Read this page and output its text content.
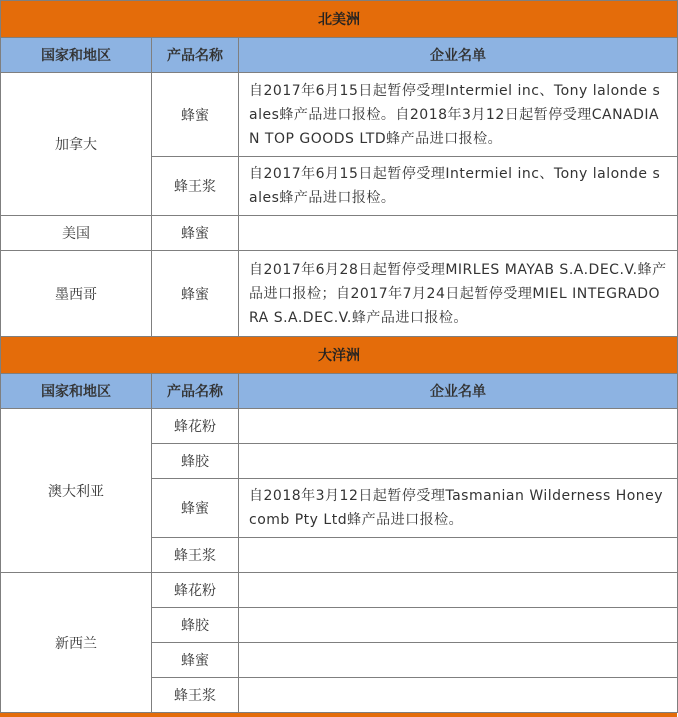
北美洲		
国家和地区	产品名称	企业名单
加拿大	蜂蜜	自2017年6月15日起暂停受理Intermiel inc、Tony lalonde sales蜂产品进口报检。自2018年3月12日起暂停受理CANADIAN TOP GOODS LTD蜂产品进口报检。
	蜂王浆	自2017年6月15日起暂停受理Intermiel inc、Tony lalonde sales蜂产品进口报检。
美国	蜂蜜	
墨西哥	蜂蜜	自2017年6月28日起暂停受理MIRLES MAYAB S.A.DEC.V.蜂产品进口报检；自2017年7月24日起暂停受理MIEL INTEGRADORA S.A.DEC.V.蜂产品进口报检。
大洋洲		
国家和地区	产品名称	企业名单
澳大利亚	蜂花粉	
	蜂胶	
	蜂蜜	自2018年3月12日起暂停受理Tasmanian Wilderness Honey comb Pty Ltd蜂产品进口报检。
	蜂王浆	
新西兰	蜂花粉	
	蜂胶	
	蜂蜜	
	蜂王浆	
